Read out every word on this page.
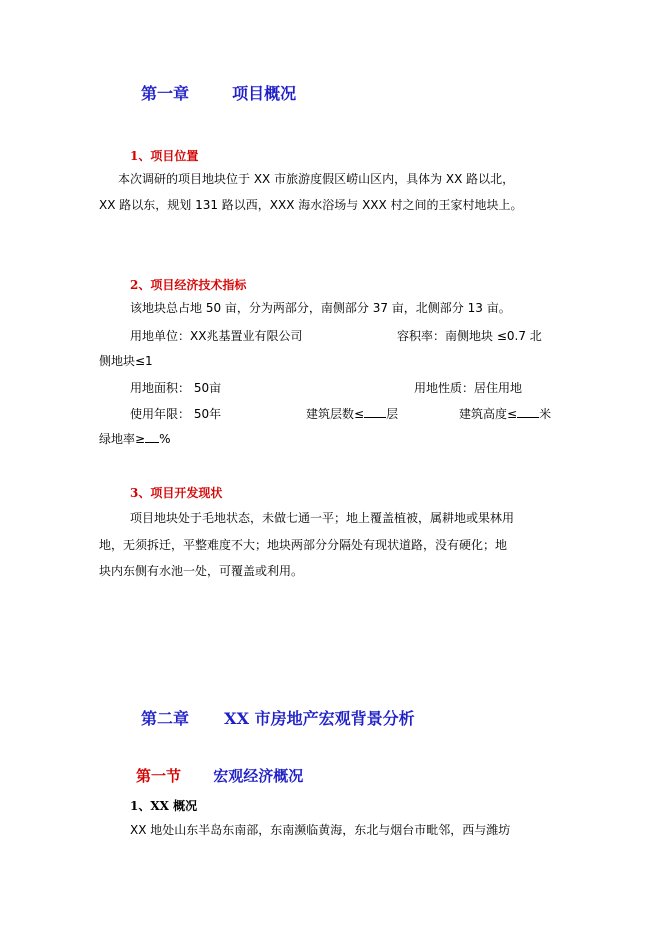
第一章	项目概况
1、项目位置
本次调研的项目地块位于 XX 市旅游度假区崂山区内，具体为 XX 路以北，
XX 路以东，规划 131 路以西，XXX 海水浴场与 XXX 村之间的王家村地块上。
2、项目经济技术指标
该地块总占地 50 亩，分为两部分，南侧部分 37 亩，北侧部分 13 亩。
用地单位：XX兆基置业有限公司	容积率：南侧地块 ≤0.7 北
侧地块≤1
用地面积： 50亩	用地性质：居住用地
使用年限： 50年	建筑层数≤ 层	建筑高度≤ 米
绿地率≥ %
3、项目开发现状
项目地块处于毛地状态，未做七通一平；地上覆盖植被，属耕地或果林用
地，无须拆迁，平整难度不大；地块两部分分隔处有现状道路，没有硬化；地
块内东侧有水池一处，可覆盖或利用。
第二章 XX 市房地产宏观背景分析
第一节 宏观经济概况
1、XX 概况
XX 地处山东半岛东南部，东南濒临黄海，东北与烟台市毗邻，西与潍坊
